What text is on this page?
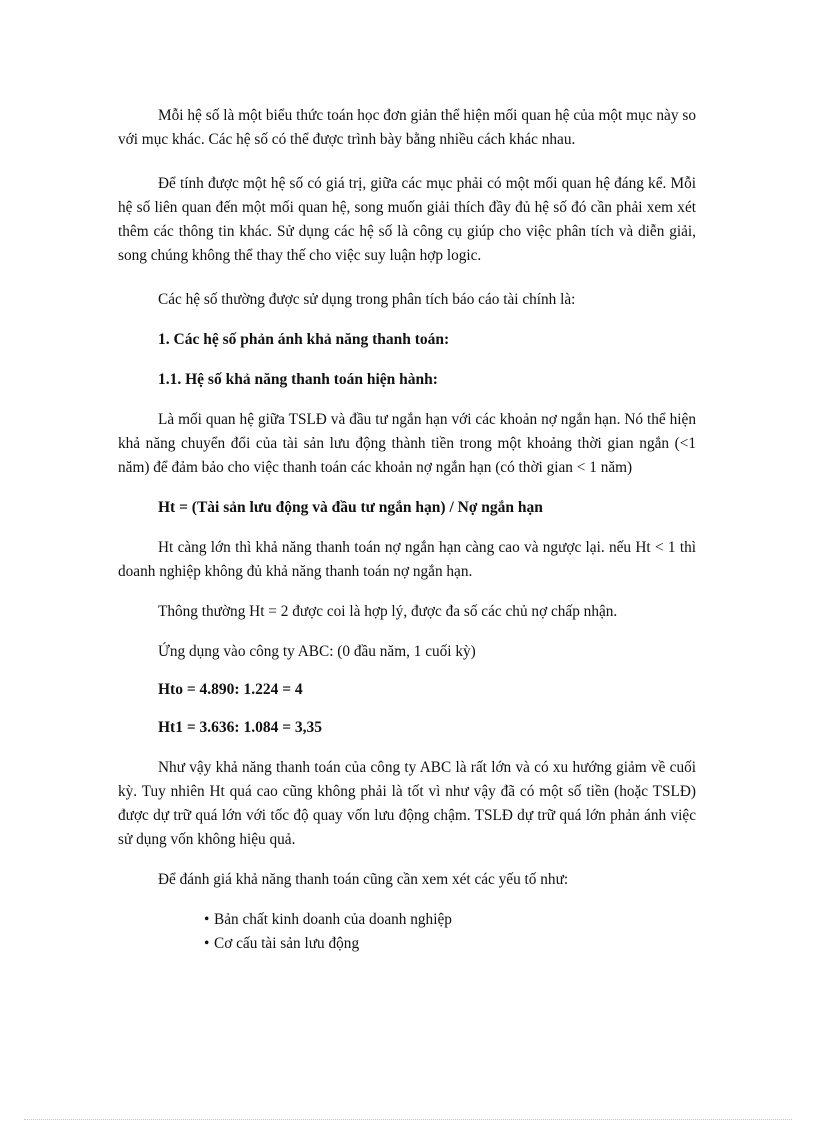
Mỗi hệ số là một biểu thức toán học đơn giản thể hiện mối quan hệ của một mục này so với mục khác. Các hệ số có thể được trình bày bằng nhiều cách khác nhau.

Để tính được một hệ số có giá trị, giữa các mục phải có một mối quan hệ đáng kể. Mỗi hệ số liên quan đến một mối quan hệ, song muốn giải thích đầy đủ hệ số đó cần phải xem xét thêm các thông tin khác. Sử dụng các hệ số là công cụ giúp cho việc phân tích và diễn giải, song chúng không thể thay thế cho việc suy luận hợp logic.

Các hệ số thường được sử dụng trong phân tích báo cáo tài chính là:

1. Các hệ số phản ánh khả năng thanh toán:

1.1. Hệ số khả năng thanh toán hiện hành:

Là mối quan hệ giữa TSLĐ và đầu tư ngắn hạn với các khoản nợ ngắn hạn. Nó thể hiện khả năng chuyển đổi của tài sản lưu động thành tiền trong một khoảng thời gian ngắn (<1 năm) để đảm bảo cho việc thanh toán các khoản nợ ngắn hạn (có thời gian < 1 năm)

Ht = (Tài sản lưu động và đầu tư ngắn hạn) / Nợ ngắn hạn

Ht càng lớn thì khả năng thanh toán nợ ngắn hạn càng cao và ngược lại. nếu Ht < 1 thì doanh nghiệp không đủ khả năng thanh toán nợ ngắn hạn.

Thông thường Ht = 2 được coi là hợp lý, được đa số các chủ nợ chấp nhận.

Ứng dụng vào công ty ABC: (0 đầu năm, 1 cuối kỳ)

Hto = 4.890: 1.224 = 4

Ht1 = 3.636: 1.084 = 3,35

Như vậy khả năng thanh toán của công ty ABC là rất lớn và có xu hướng giảm về cuối kỳ. Tuy nhiên Ht quá cao cũng không phải là tốt vì như vậy đã có một số tiền (hoặc TSLĐ) được dự trữ quá lớn với tốc độ quay vốn lưu động chậm. TSLĐ dự trữ quá lớn phản ánh việc sử dụng vốn không hiệu quả.

Để đánh giá khả năng thanh toán cũng cần xem xét các yếu tố như:

• Bản chất kinh doanh của doanh nghiệp
• Cơ cấu tài sản lưu động
